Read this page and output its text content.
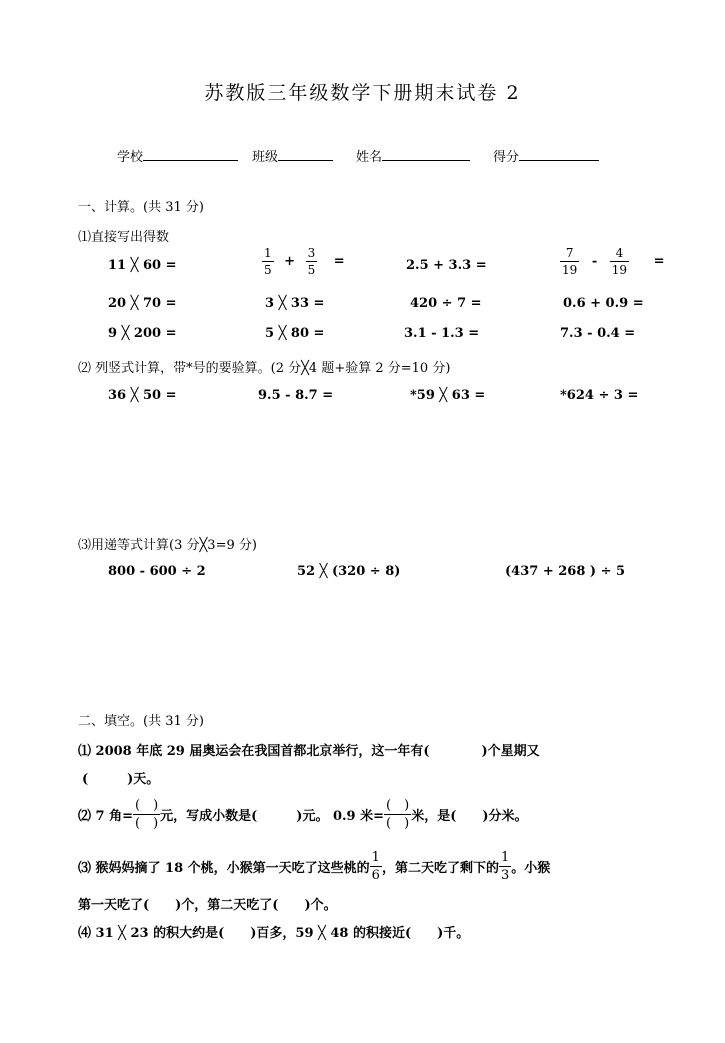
苏教版三年级数学下册期末试卷 2
学校	班级	姓名	得分
一、计算。(共 31 分)
⑴直接写出得数
11 ╳ 60 =	$\frac{1}{5} + \frac{3}{5}$ =	2.5 + 3.3 =	$\frac{7}{19} - \frac{4}{19}$ =
20 ╳ 70 =	3 ╳ 33 =	420 ÷ 7 =	0.6 + 0.9 =
9 ╳ 200 =	5 ╳ 80 =	3.1 - 1.3 =	7.3 - 0.4 =
⑵ 列竖式计算，带*号的要验算。(2 分╳4 题+验算 2 分=10 分)
36 ╳ 50 =	9.5 - 8.7 =	*59 ╳ 63 =	*624 ÷ 3 =
⑶用递等式计算(3 分╳3=9 分)
800 - 600 ÷ 2	52 ╳ (320 ÷ 8)	(437 + 268 ) ÷ 5
二、填空。(共 31 分)
⑴ 2008 年底 29 届奥运会在我国首都北京举行，这一年有(　　　　)个星期又
(　　　)天。
⑵ 7 角= $\frac{( )}{( )}$ 元，写成小数是(　　　)元。 0.9 米= $\frac{( )}{( )}$ 米，是(　　)分米。
⑶ 猴妈妈摘了 18 个桃，小猴第一天吃了这些桃的 $\frac{1}{6}$ ，第二天吃了剩下的 $\frac{1}{3}$ 。小猴
第一天吃了(　　)个，第二天吃了(　　)个。
⑷ 31 ╳ 23 的积大约是(　　)百多，59 ╳ 48 的积接近(　　)千。
